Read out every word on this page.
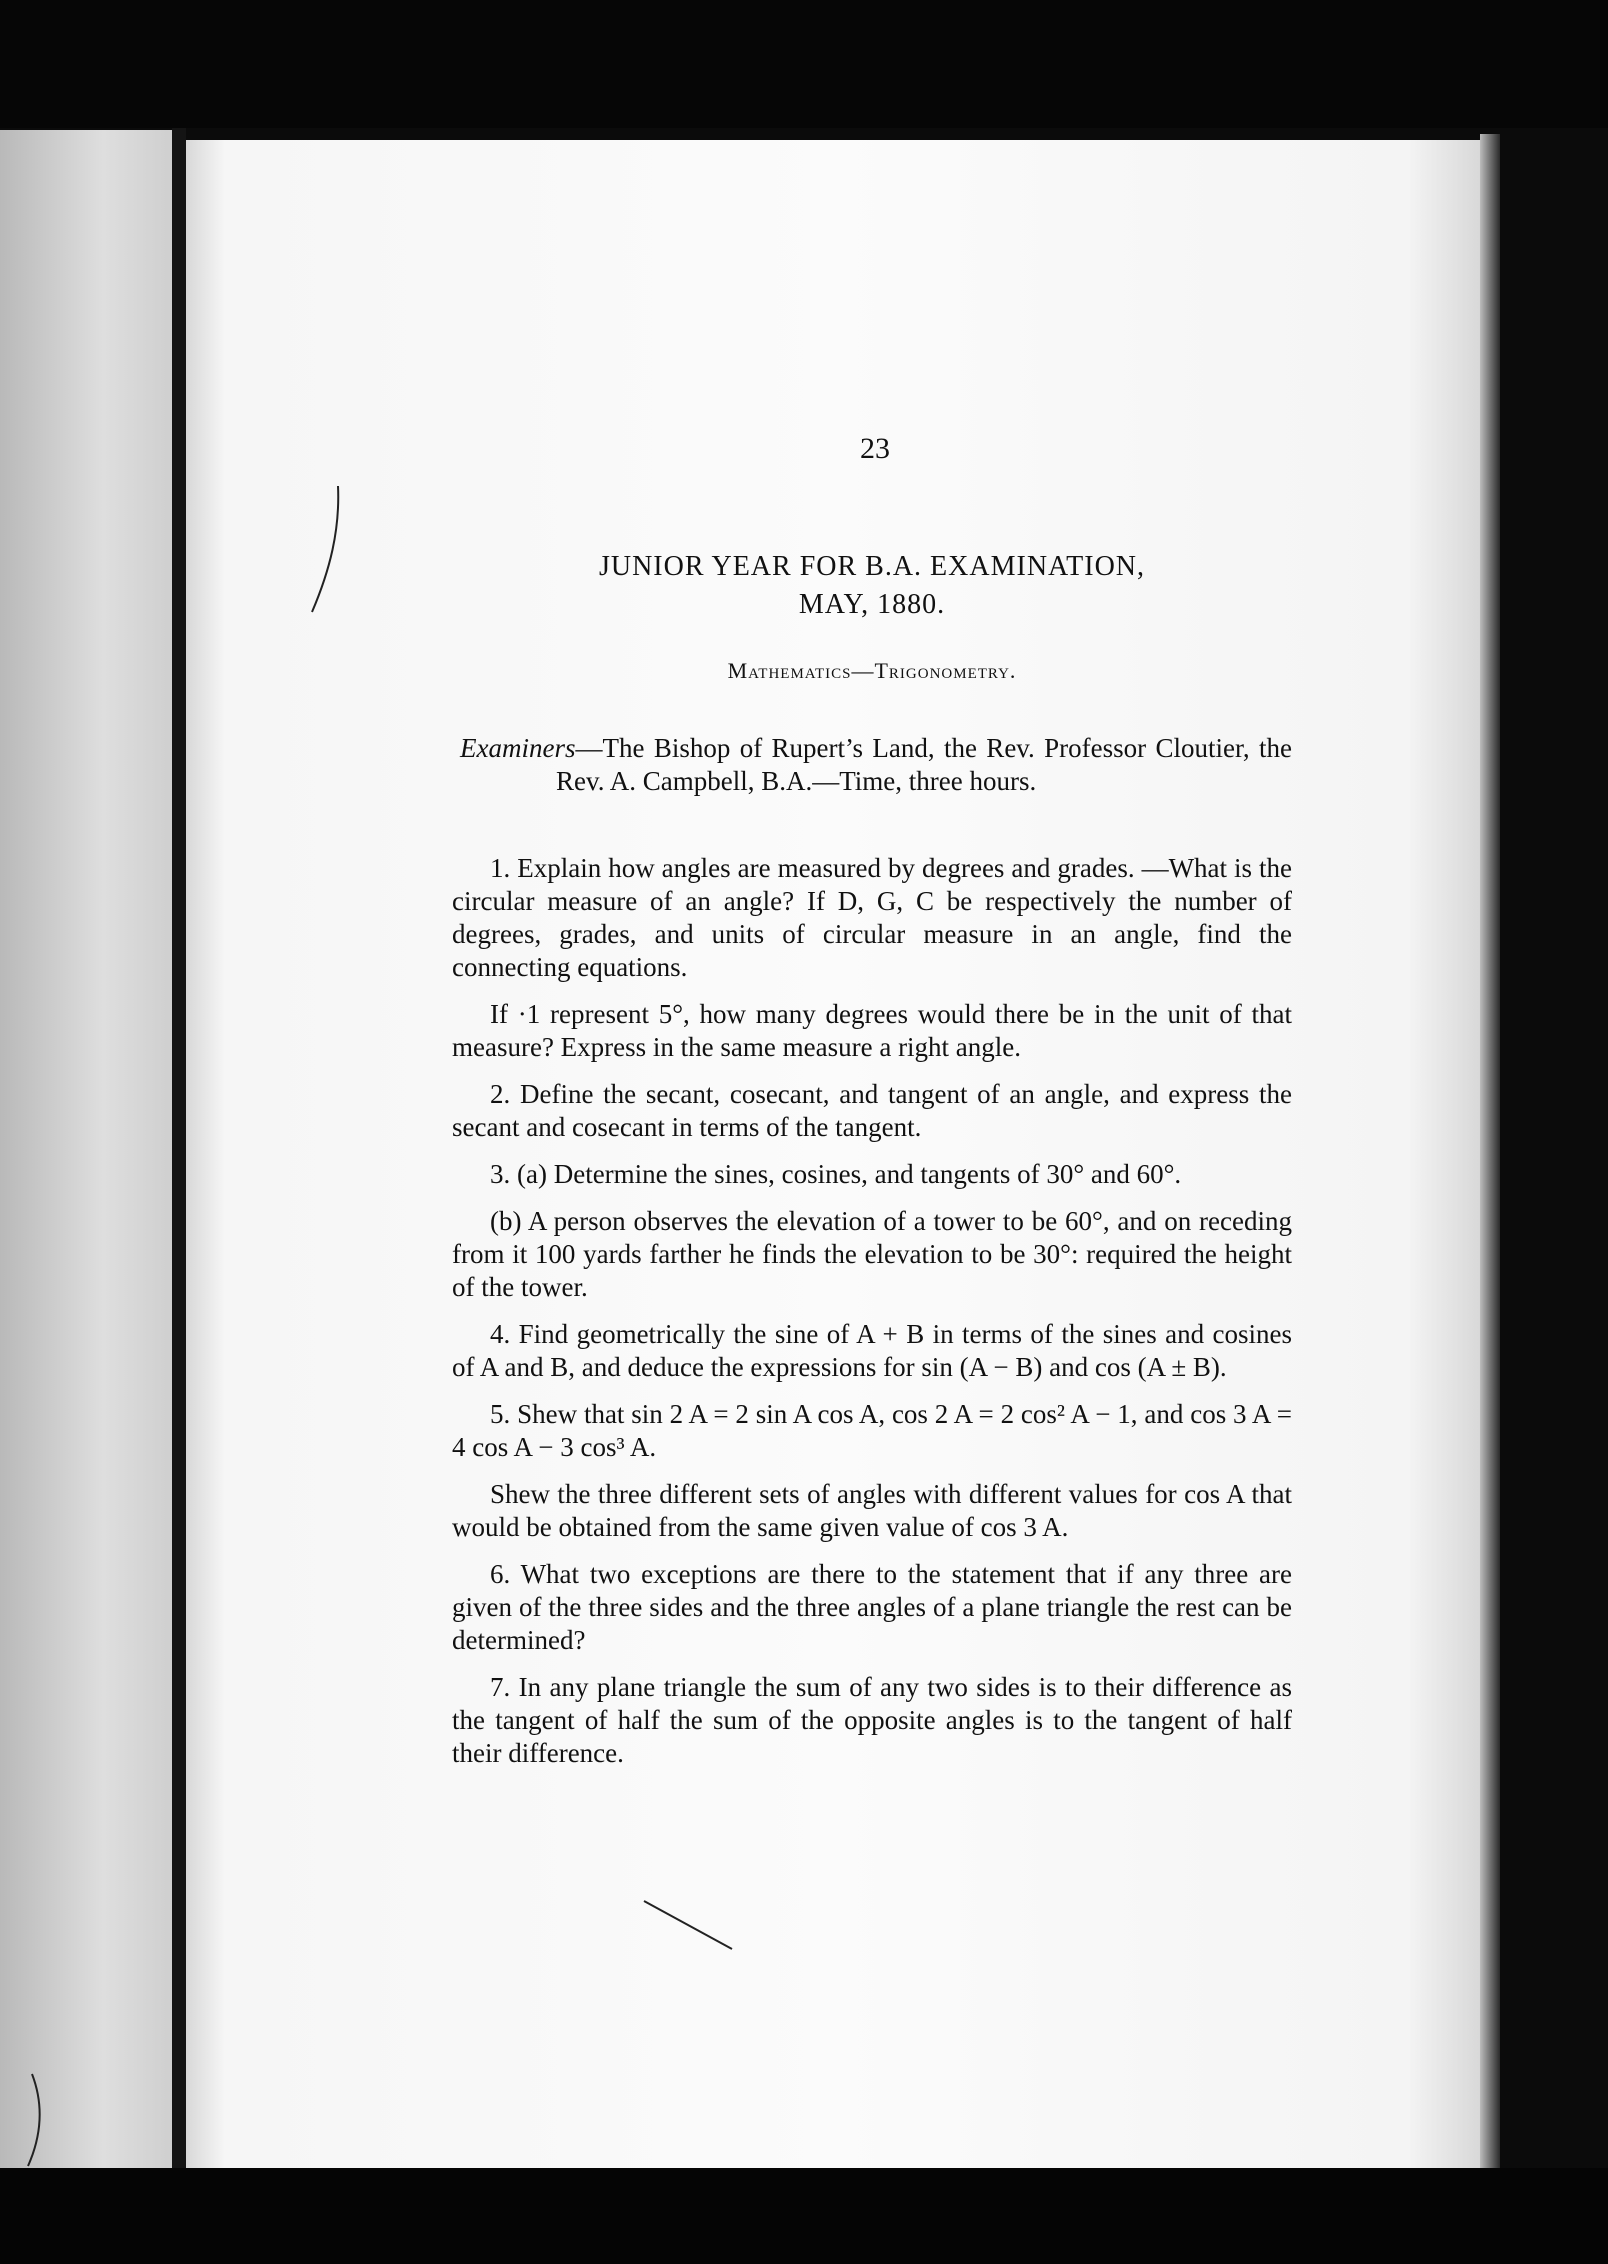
23
JUNIOR YEAR FOR B.A. EXAMINATION,
MAY, 1880.
Mathematics—Trigonometry.
Examiners—The Bishop of Rupert’s Land, the Rev. Professor Cloutier, the Rev. A. Campbell, B.A.—Time, three hours.

1. Explain how angles are measured by degrees and grades. —What is the circular measure of an angle? If D, G, C be respectively the number of degrees, grades, and units of circular measure in an angle, find the connecting equations.

If ·1 represent 5°, how many degrees would there be in the unit of that measure? Express in the same measure a right angle.

2. Define the secant, cosecant, and tangent of an angle, and express the secant and cosecant in terms of the tangent.

3. (a) Determine the sines, cosines, and tangents of 30° and 60°.

(b) A person observes the elevation of a tower to be 60°, and on receding from it 100 yards farther he finds the elevation to be 30°: required the height of the tower.

4. Find geometrically the sine of A + B in terms of the sines and cosines of A and B, and deduce the expressions for sin (A − B) and cos (A ± B).

5. Shew that sin 2 A = 2 sin A cos A, cos 2 A = 2 cos² A − 1, and cos 3 A = 4 cos A − 3 cos³ A.

Shew the three different sets of angles with different values for cos A that would be obtained from the same given value of cos 3 A.

6. What two exceptions are there to the statement that if any three are given of the three sides and the three angles of a plane triangle the rest can be determined?

7. In any plane triangle the sum of any two sides is to their difference as the tangent of half the sum of the opposite angles is to the tangent of half their difference.
